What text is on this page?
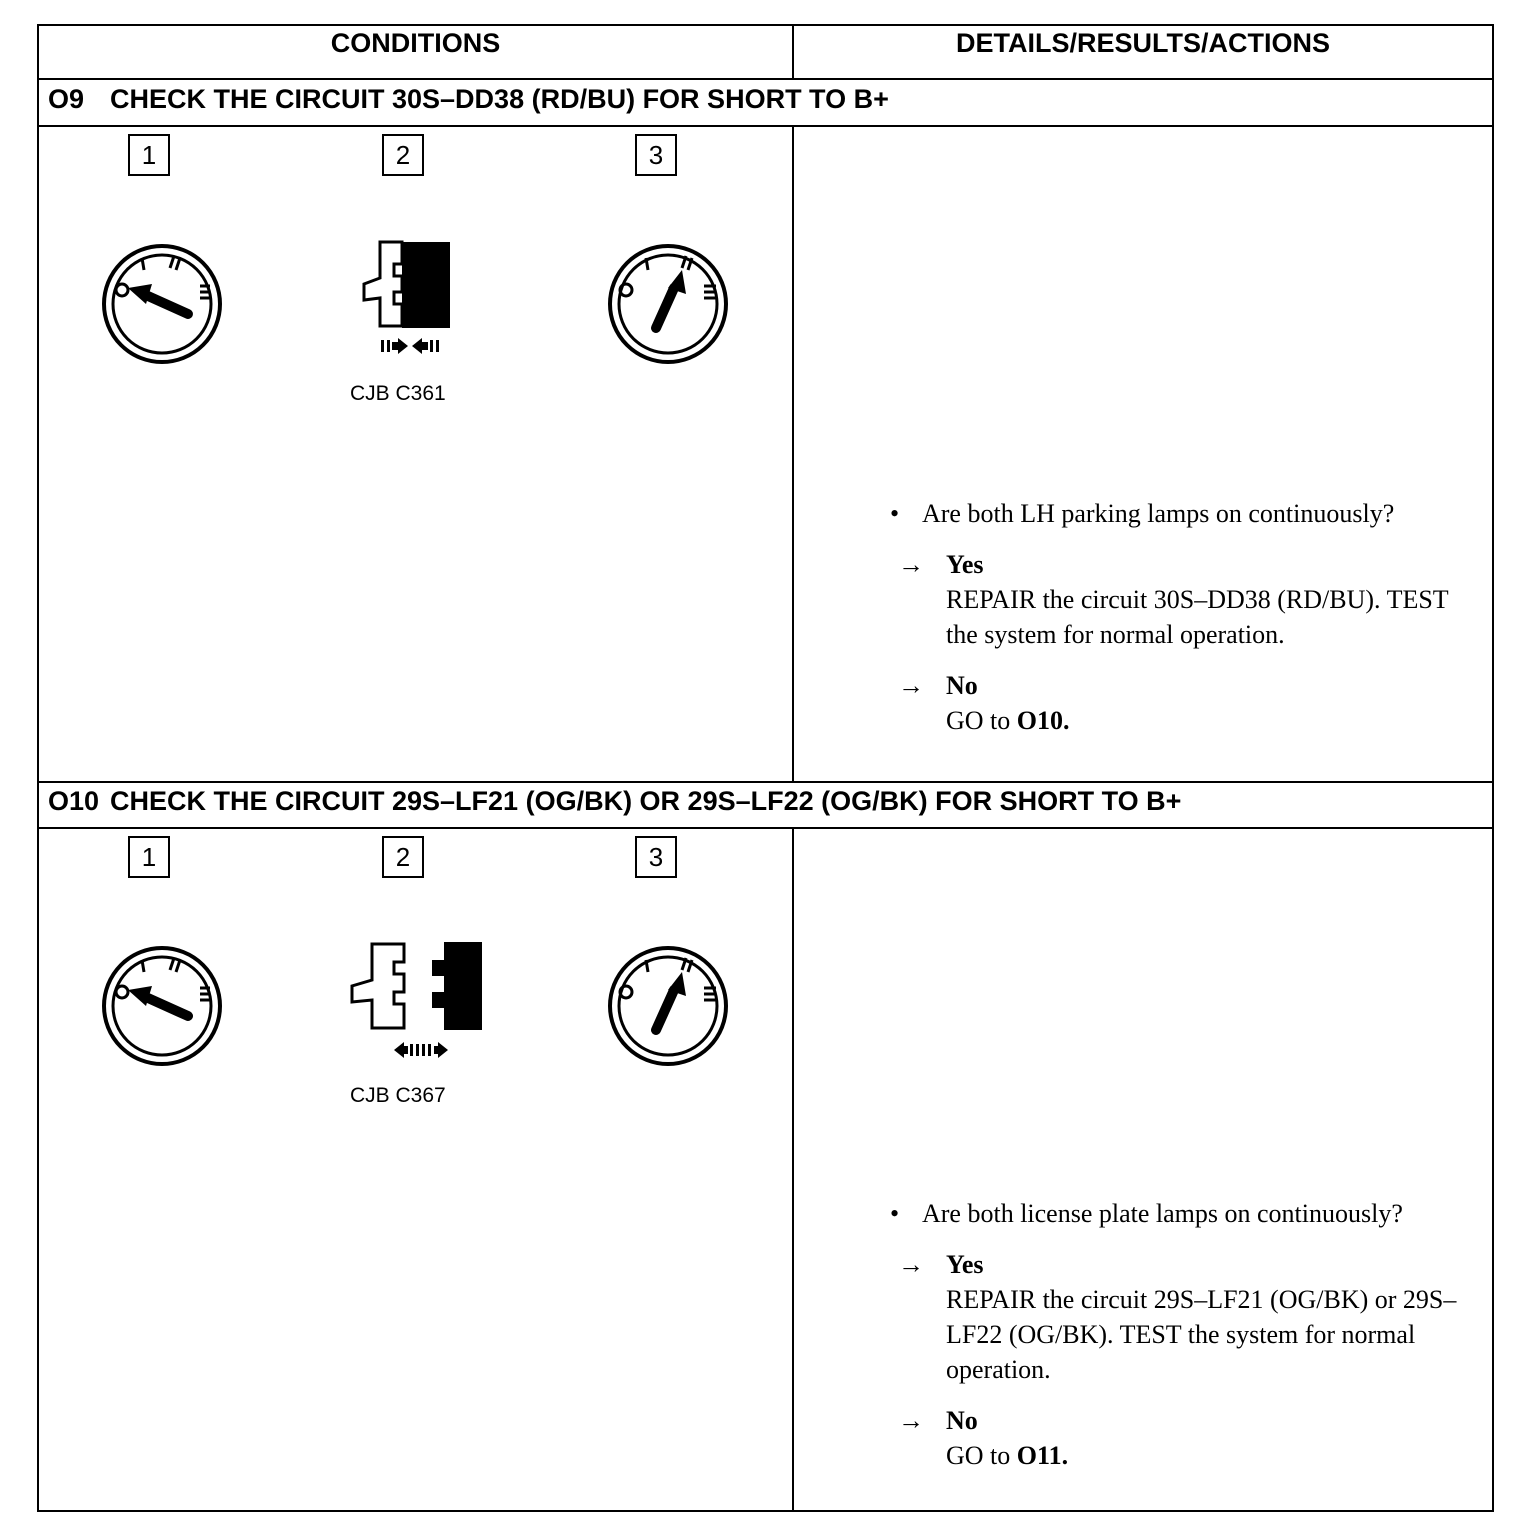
CONDITIONS	DETAILS/RESULTS/ACTIONS
O9 CHECK THE CIRCUIT 30S–DD38 (RD/BU) FOR SHORT TO B+
1	2	3
CJB C361
• Are both LH parking lamps on continuously?
→ Yes
REPAIR the circuit 30S–DD38 (RD/BU). TEST the system for normal operation.
→ No
GO to O10.
O10 CHECK THE CIRCUIT 29S–LF21 (OG/BK) OR 29S–LF22 (OG/BK) FOR SHORT TO B+
1	2	3
CJB C367
• Are both license plate lamps on continuously?
→ Yes
REPAIR the circuit 29S–LF21 (OG/BK) or 29S–LF22 (OG/BK). TEST the system for normal operation.
→ No
GO to O11.
